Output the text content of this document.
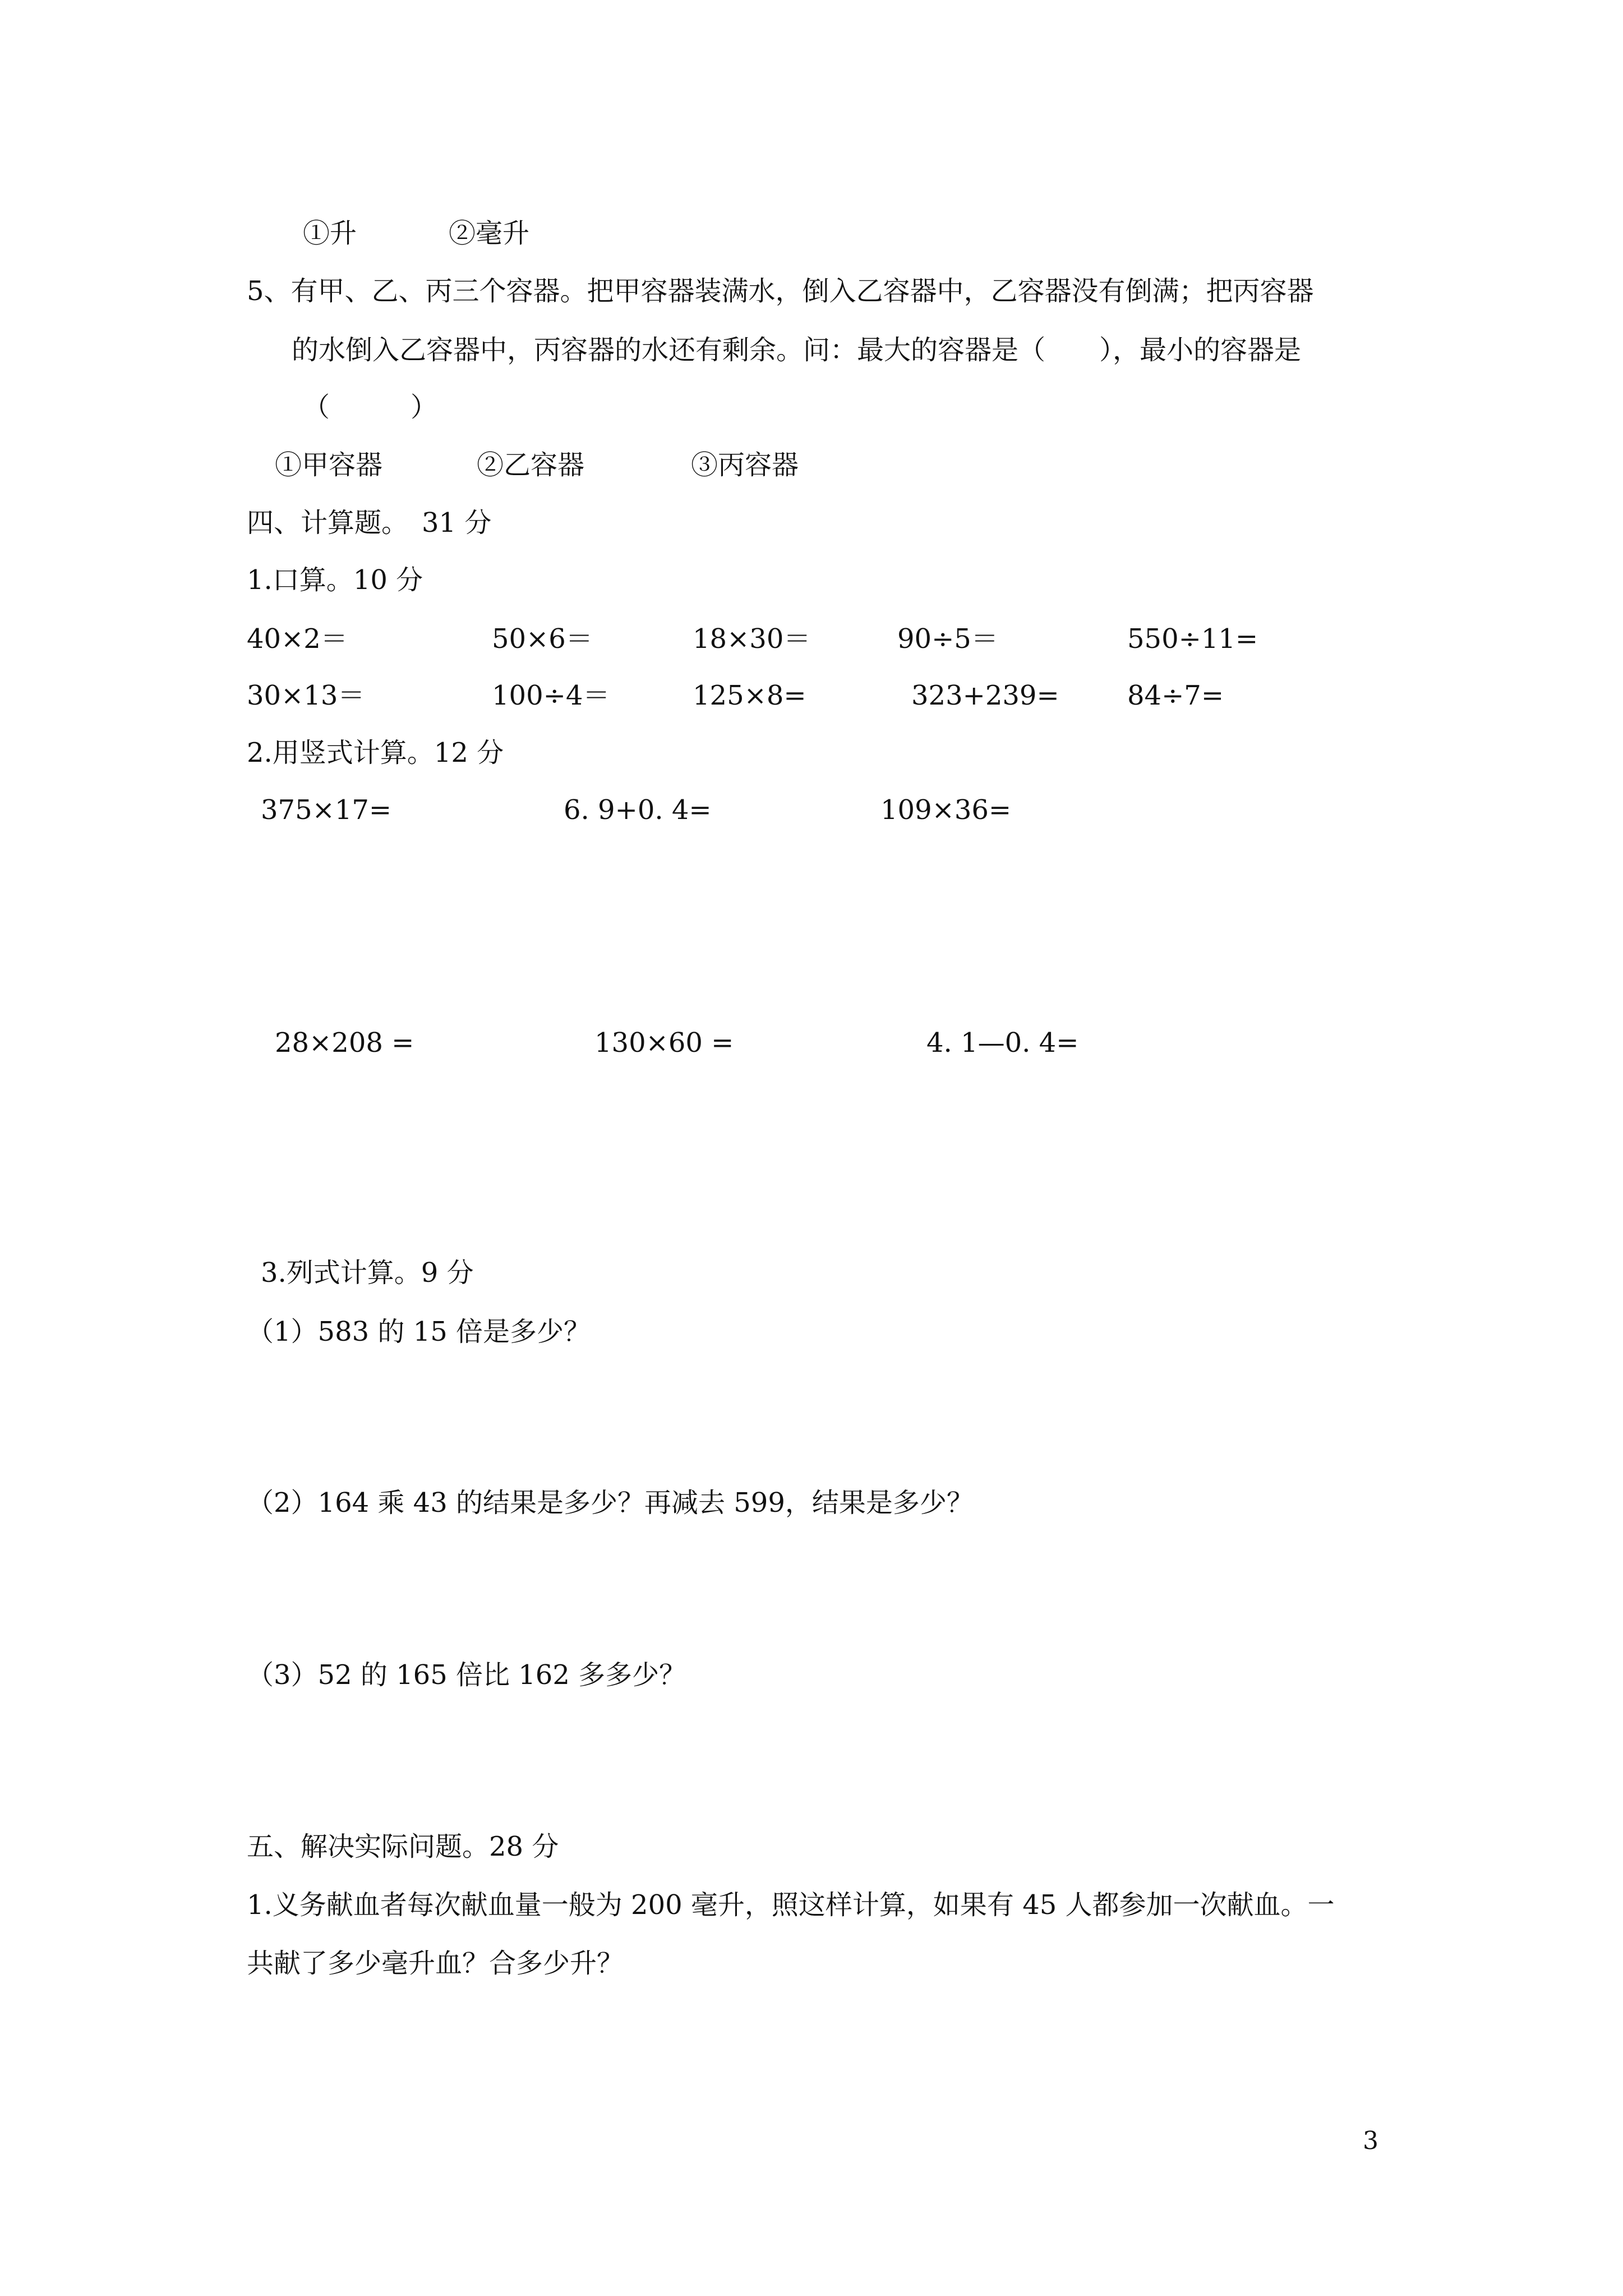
①升	②毫升
5、有甲、乙、丙三个容器。把甲容器装满水，倒入乙容器中，乙容器没有倒满；把丙容器
的水倒入乙容器中，丙容器的水还有剩余。问：最大的容器是（　　），最小的容器是
（　　　）
①甲容器	②乙容器	③丙容器
四、计算题。　31 分
1.口算。10 分
40×2＝	50×6＝	18×30＝	90÷5＝	550÷11=
30×13＝	100÷4＝	125×8=	323+239=	84÷7=
2.用竖式计算。12 分
375×17=	6. 9+0. 4=	109×36=
28×208 =	130×60 =	4. 1—0. 4=
3.列式计算。9 分
（1）583 的 15 倍是多少？
（2）164 乘 43 的结果是多少？再减去 599，结果是多少？
（3）52 的 165 倍比 162 多多少？
五、解决实际问题。28 分
1.义务献血者每次献血量一般为 200 毫升，照这样计算，如果有 45 人都参加一次献血。一
共献了多少毫升血？合多少升？
3
